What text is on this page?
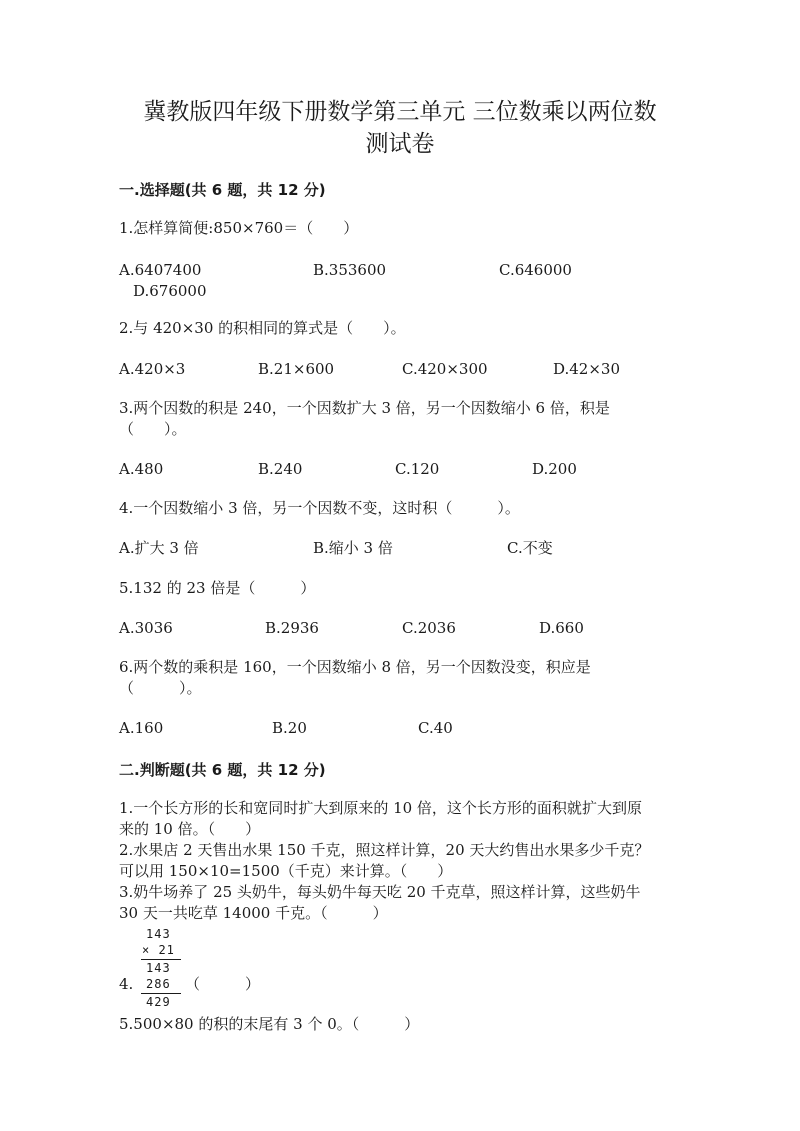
冀教版四年级下册数学第三单元 三位数乘以两位数
测试卷
一.选择题(共 6 题，共 12 分)
1.怎样算简便:850×760＝（　　）
A.6407400	B.353600	C.646000
D.676000
2.与 420×30 的积相同的算式是（　　）。
A.420×3	B.21×600	C.420×300	D.42×30
3.两个因数的积是 240，一个因数扩大 3 倍，另一个因数缩小 6 倍，积是
（　　）。
A.480	B.240	C.120	D.200
4.一个因数缩小 3 倍，另一个因数不变，这时积（　　　）。
A.扩大 3 倍	B.缩小 3 倍	C.不变
5.132 的 23 倍是（　　　）
A.3036	B.2936	C.2036	D.660
6.两个数的乘积是 160，一个因数缩小 8 倍，另一个因数没变，积应是
（　　　）。
A.160	B.20	C.40
二.判断题(共 6 题，共 12 分)
1.一个长方形的长和宽同时扩大到原来的 10 倍，这个长方形的面积就扩大到原
来的 10 倍。（　　）
2.水果店 2 天售出水果 150 千克，照这样计算，20 天大约售出水果多少千克？
可以用 150×10=1500（千克）来计算。（　　）
3.奶牛场养了 25 头奶牛，每头奶牛每天吃 20 千克草，照这样计算，这些奶牛
30 天一共吃草 14000 千克。（　　　）
143
× 21
143
4. 286
429
（　　　）
5.500×80 的积的末尾有 3 个 0。（　　　）
